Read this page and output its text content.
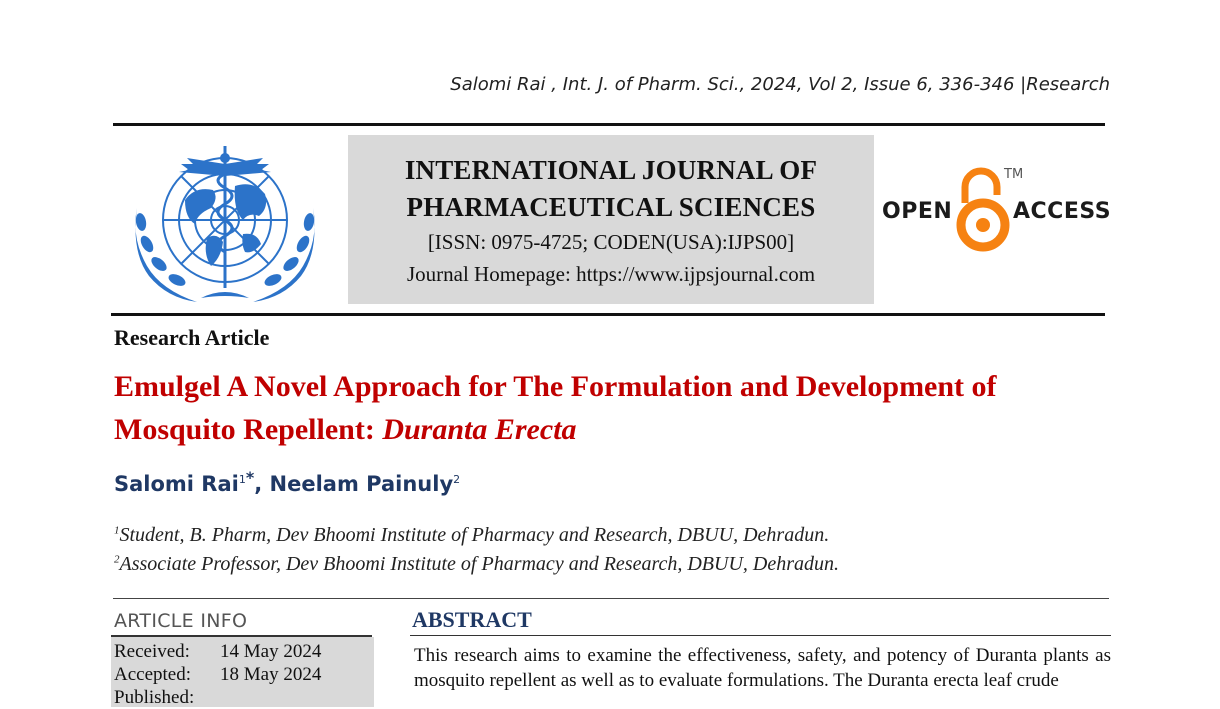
Salomi Rai , Int. J. of Pharm. Sci., 2024, Vol 2, Issue 6, 336-346 |Research
INTERNATIONAL JOURNAL OF
PHARMACEUTICAL SCIENCES
[ISSN: 0975-4725; CODEN(USA):IJPS00]
Journal Homepage: https://www.ijpsjournal.com
OPEN
TM
ACCESS
Research Article
Emulgel A Novel Approach for The Formulation and Development of Mosquito Repellent: Duranta Erecta
Salomi Rai$^{1*}$, Neelam Painuly$^2$
$^1$Student, B. Pharm, Dev Bhoomi Institute of Pharmacy and Research, DBUU, Dehradun.
$^2$Associate Professor, Dev Bhoomi Institute of Pharmacy and Research, DBUU, Dehradun.
ARTICLE INFO
Received: 14 May 2024
Accepted: 18 May 2024
Published:
ABSTRACT
This research aims to examine the effectiveness, safety, and potency of Duranta plants as mosquito repellent as well as to evaluate formulations. The Duranta erecta leaf crude
